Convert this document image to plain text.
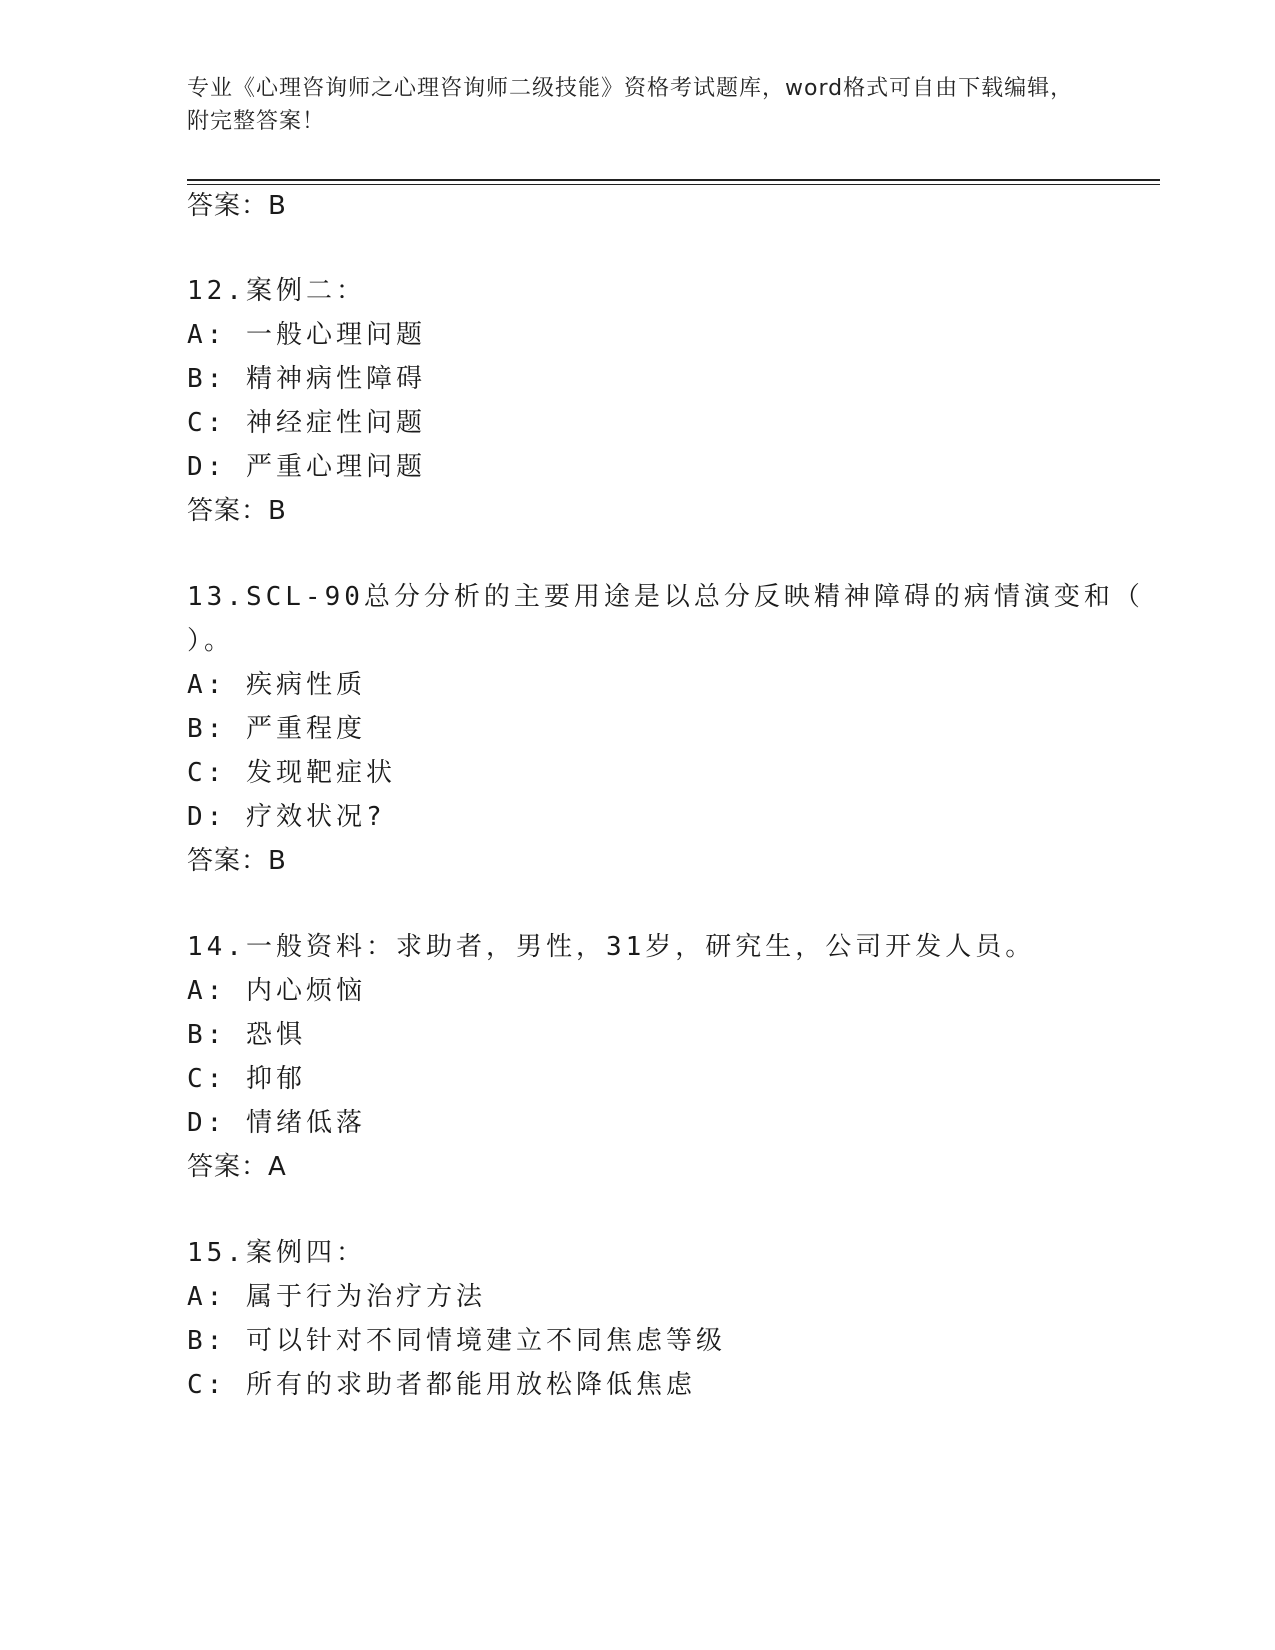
专业《心理咨询师之心理咨询师二级技能》资格考试题库，word格式可自由下载编辑，附完整答案！
答案：B
12.案例二：
A: 一般心理问题
B: 精神病性障碍
C: 神经症性问题
D: 严重心理问题
答案：B
13.SCL-90总分分析的主要用途是以总分反映精神障碍的病情演变和（
）。
A: 疾病性质
B: 严重程度
C: 发现靶症状
D: 疗效状况?
答案：B
14.一般资料：求助者，男性，31岁，研究生，公司开发人员。
A: 内心烦恼
B: 恐惧
C: 抑郁
D: 情绪低落
答案：A
15.案例四：
A: 属于行为治疗方法
B: 可以针对不同情境建立不同焦虑等级
C: 所有的求助者都能用放松降低焦虑
